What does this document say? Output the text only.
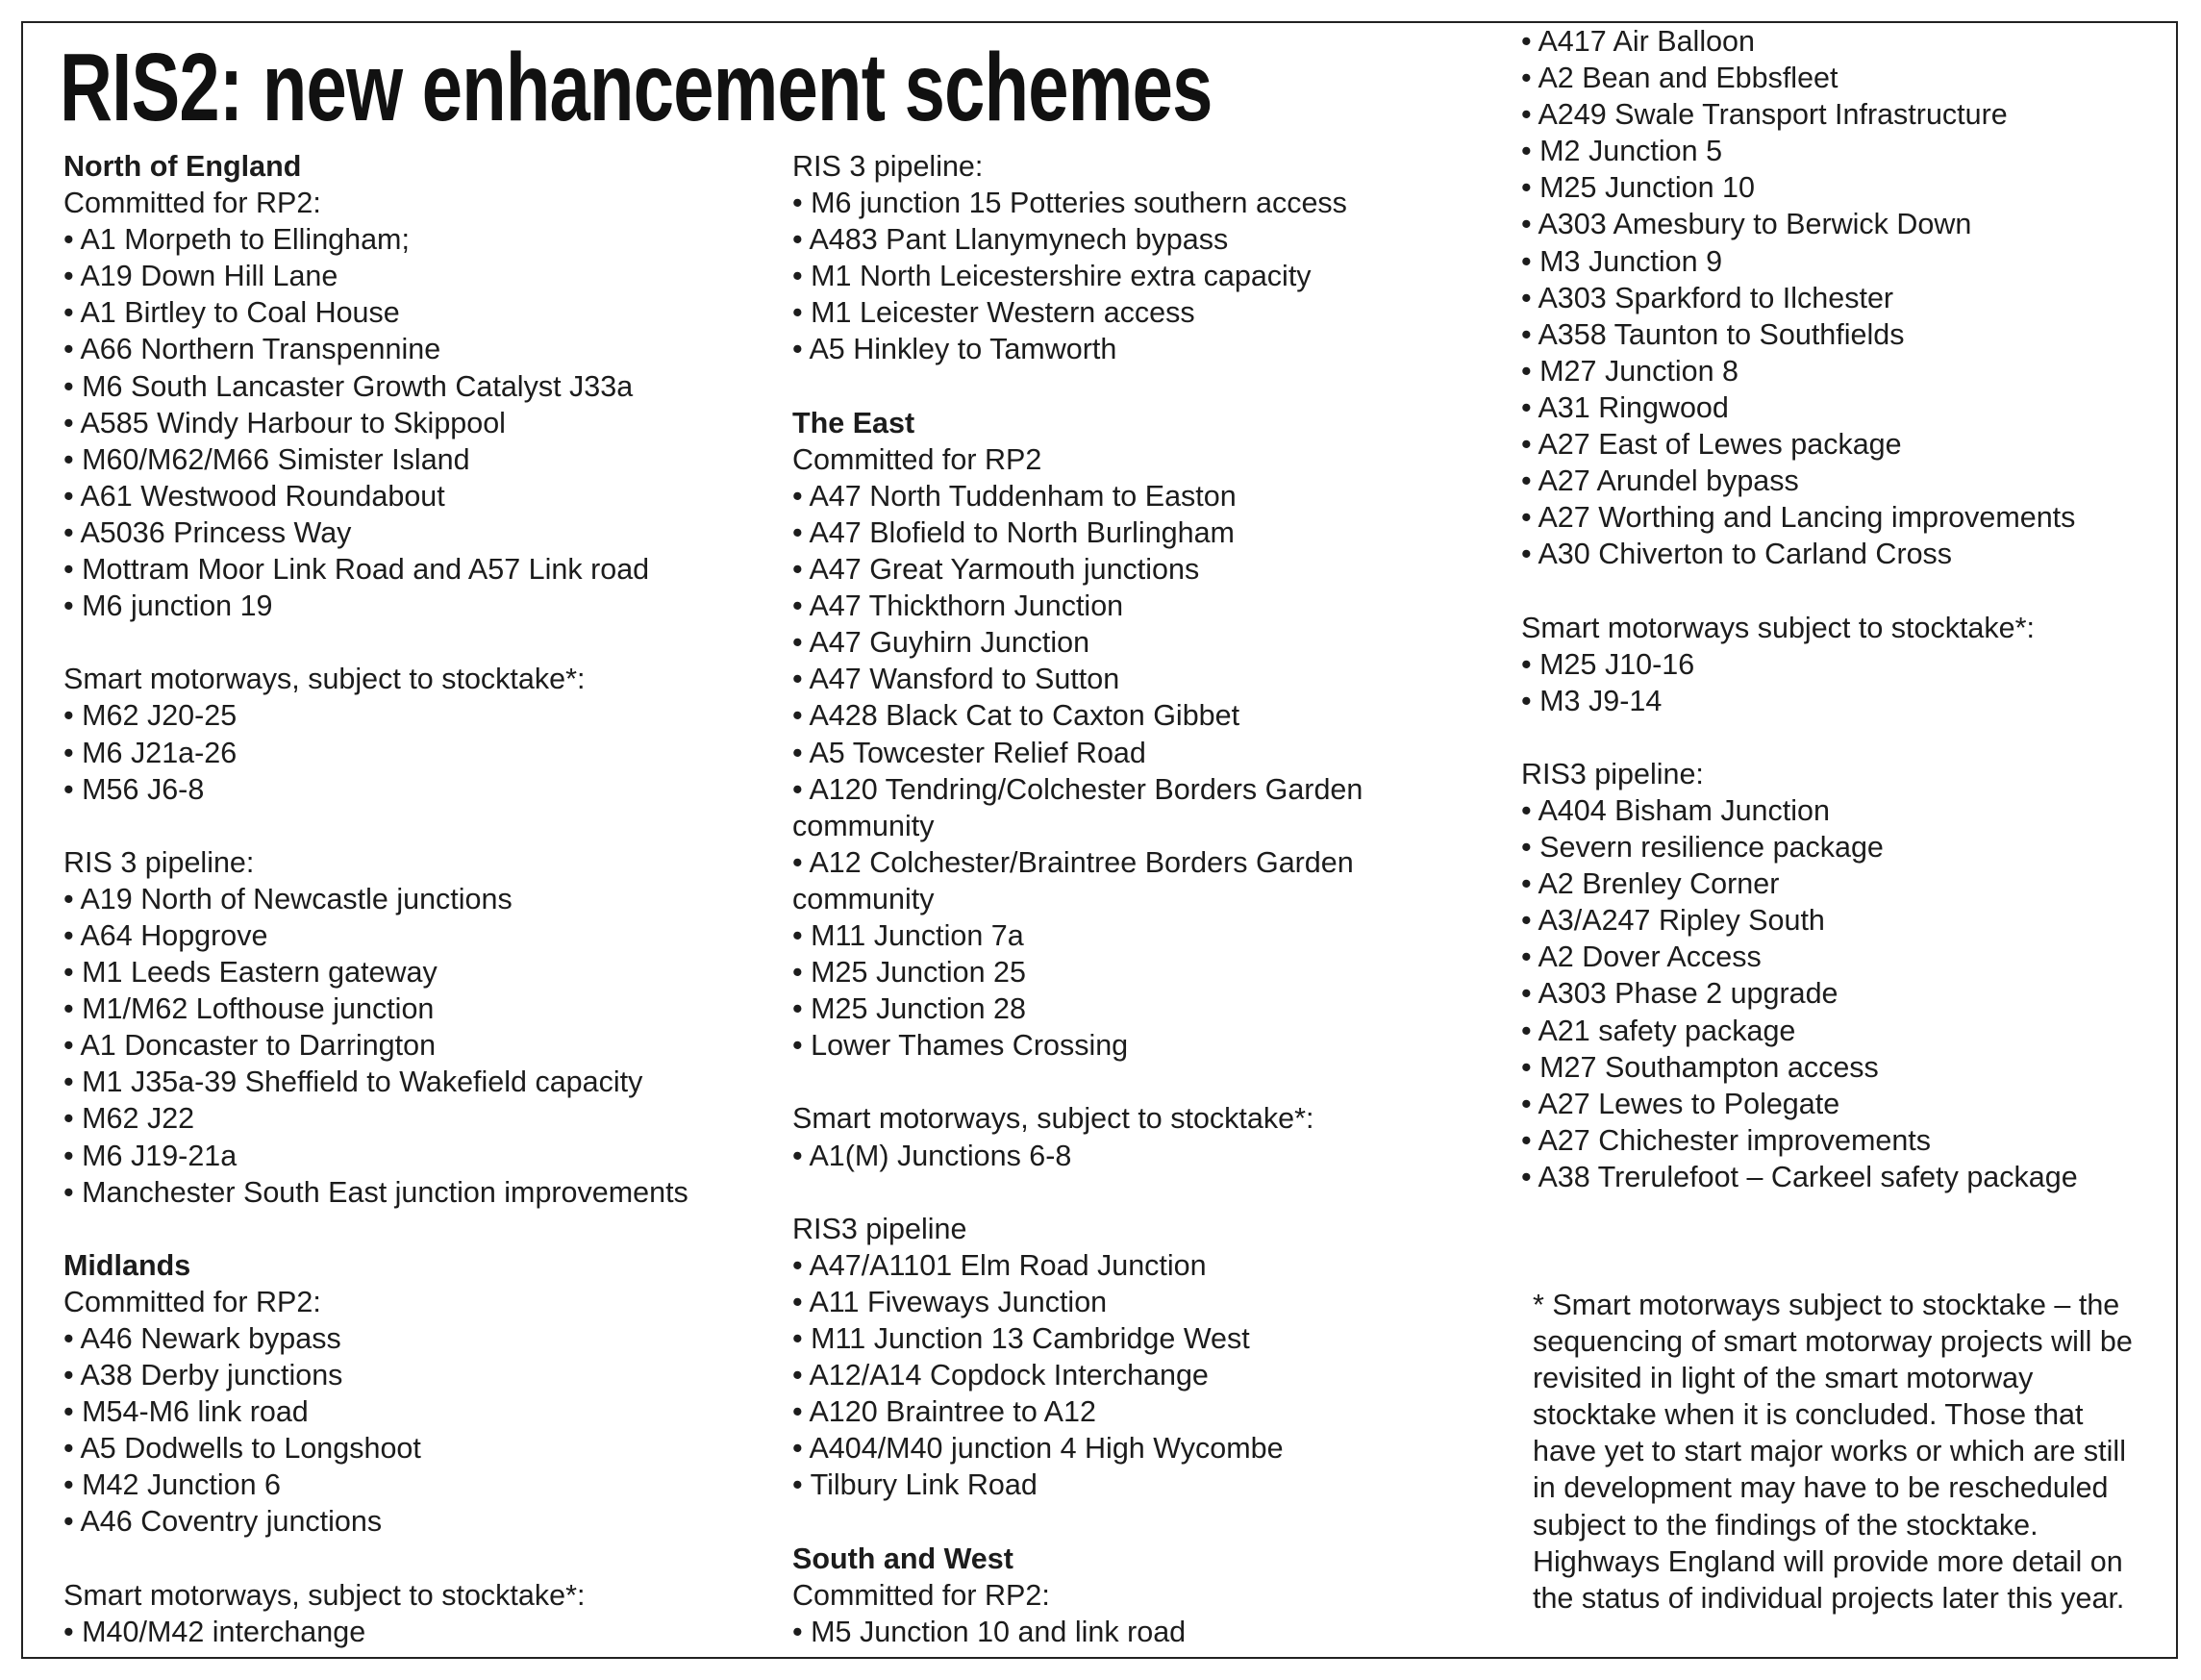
RIS2: new enhancement schemes

North of England

Committed for RP2:

• A1 Morpeth to Ellingham;

• A19 Down Hill Lane

• A1 Birtley to Coal House

• A66 Northern Transpennine

• M6 South Lancaster Growth Catalyst J33a

• A585 Windy Harbour to Skippool

• M60/M62/M66 Simister Island

• A61 Westwood Roundabout

• A5036 Princess Way

• Mottram Moor Link Road and A57 Link road

• M6 junction 19

Smart motorways, subject to stocktake*:

• M62 J20-25

• M6 J21a-26

• M56 J6-8

RIS 3 pipeline:

• A19 North of Newcastle junctions

• A64 Hopgrove

• M1 Leeds Eastern gateway

• M1/M62 Lofthouse junction

• A1 Doncaster to Darrington

• M1 J35a-39 Sheffield to Wakefield capacity

• M62 J22

• M6 J19-21a

• Manchester South East junction improvements

Midlands

Committed for RP2:

• A46 Newark bypass

• A38 Derby junctions

• M54-M6 link road

• A5 Dodwells to Longshoot

• M42 Junction 6

• A46 Coventry junctions

Smart motorways, subject to stocktake*:

• M40/M42 interchange

RIS 3 pipeline:

• M6 junction 15 Potteries southern access

• A483 Pant Llanymynech bypass

• M1 North Leicestershire extra capacity

• M1 Leicester Western access

• A5 Hinkley to Tamworth

The East

Committed for RP2

• A47 North Tuddenham to Easton

• A47 Blofield to North Burlingham

• A47 Great Yarmouth junctions

• A47 Thickthorn Junction

• A47 Guyhirn Junction

• A47 Wansford to Sutton

• A428 Black Cat to Caxton Gibbet

• A5 Towcester Relief Road

• A120 Tendring/Colchester Borders Garden community

• A12 Colchester/Braintree Borders Garden community

• M11 Junction 7a

• M25 Junction 25

• M25 Junction 28

• Lower Thames Crossing

Smart motorways, subject to stocktake*:

• A1(M) Junctions 6-8

RIS3 pipeline

• A47/A1101 Elm Road Junction

• A11 Fiveways Junction

• M11 Junction 13 Cambridge West

• A12/A14 Copdock Interchange

• A120 Braintree to A12

• A404/M40 junction 4 High Wycombe

• Tilbury Link Road

South and West

Committed for RP2:

• M5 Junction 10 and link road

• A417 Air Balloon

• A2 Bean and Ebbsfleet

• A249 Swale Transport Infrastructure

• M2 Junction 5

• M25 Junction 10

• A303 Amesbury to Berwick Down

• M3 Junction 9

• A303 Sparkford to Ilchester

• A358 Taunton to Southfields

• M27 Junction 8

• A31 Ringwood

• A27 East of Lewes package

• A27 Arundel bypass

• A27 Worthing and Lancing improvements

• A30 Chiverton to Carland Cross

Smart motorways subject to stocktake*:

• M25 J10-16

• M3 J9-14

RIS3 pipeline:

• A404 Bisham Junction

• Severn resilience package

• A2 Brenley Corner

• A3/A247 Ripley South

• A2 Dover Access

• A303 Phase 2 upgrade

• A21 safety package

• M27 Southampton access

• A27 Lewes to Polegate

• A27 Chichester improvements

• A38 Trerulefoot – Carkeel safety package

* Smart motorways subject to stocktake – the sequencing of smart motorway projects will be revisited in light of the smart motorway stocktake when it is concluded. Those that have yet to start major works or which are still in development may have to be rescheduled subject to the findings of the stocktake. Highways England will provide more detail on the status of individual projects later this year.
